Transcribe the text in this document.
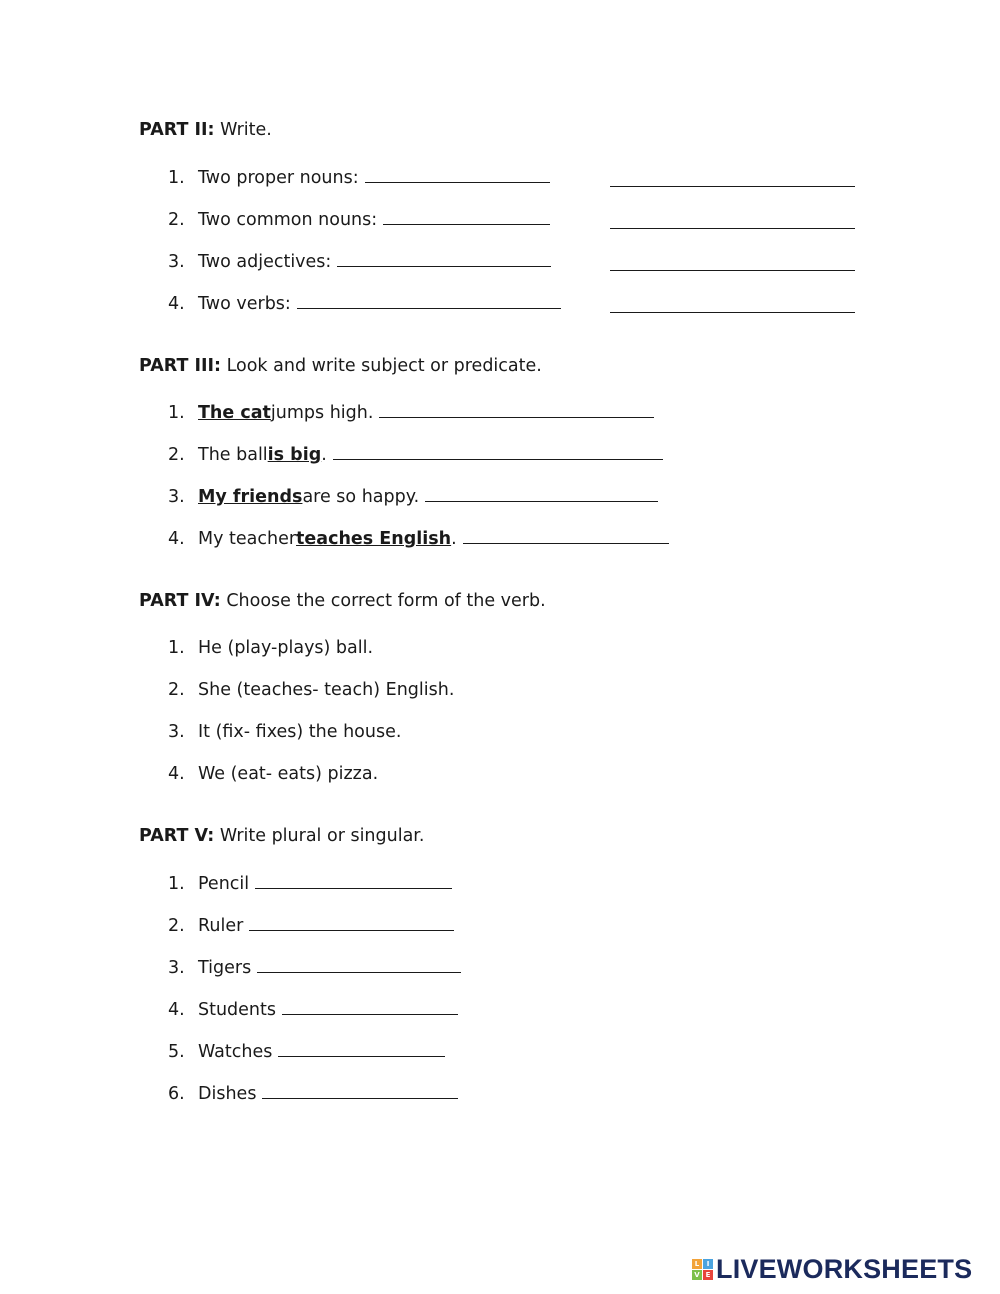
PART II: Write.
1. Two proper nouns:
2. Two common nouns:
3. Two adjectives:
4. Two verbs:
PART III: Look and write subject or predicate.
1. The cat jumps high.
2. The ball is big .
3. My friends are so happy.
4. My teacher teaches English .
PART IV: Choose the correct form of the verb.
1. He (play-plays) ball.
2. She (teaches- teach) English.
3. It (fix- fixes) the house.
4. We (eat- eats) pizza.
PART V: Write plural or singular.
1. Pencil
2. Ruler
3. Tigers
4. Students
5. Watches
6. Dishes
L	I
V E LIVEWORKSHEETS
